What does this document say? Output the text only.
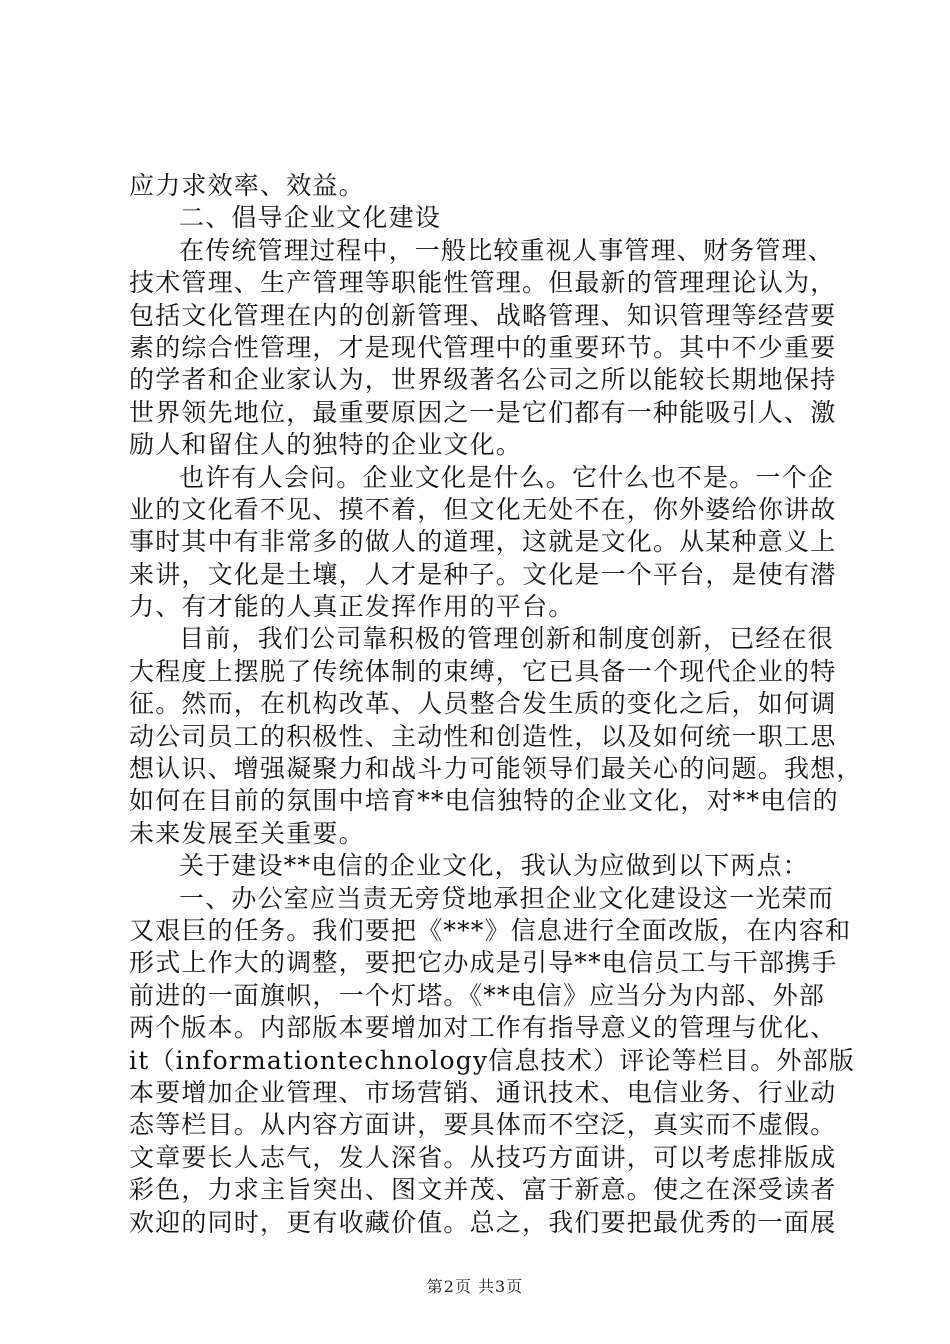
应力求效率、效益。
二、倡导企业文化建设
在传统管理过程中，一般比较重视人事管理、财务管理、
技术管理、生产管理等职能性管理。但最新的管理理论认为，
包括文化管理在内的创新管理、战略管理、知识管理等经营要
素的综合性管理，才是现代管理中的重要环节。其中不少重要
的学者和企业家认为，世界级著名公司之所以能较长期地保持
世界领先地位，最重要原因之一是它们都有一种能吸引人、激
励人和留住人的独特的企业文化。
也许有人会问。企业文化是什么。它什么也不是。一个企
业的文化看不见、摸不着，但文化无处不在，你外婆给你讲故
事时其中有非常多的做人的道理，这就是文化。从某种意义上
来讲，文化是土壤，人才是种子。文化是一个平台，是使有潜
力、有才能的人真正发挥作用的平台。
目前，我们公司靠积极的管理创新和制度创新，已经在很
大程度上摆脱了传统体制的束缚，它已具备一个现代企业的特
征。然而，在机构改革、人员整合发生质的变化之后，如何调
动公司员工的积极性、主动性和创造性，以及如何统一职工思
想认识、增强凝聚力和战斗力可能领导们最关心的问题。我想，
如何在目前的氛围中培育**电信独特的企业文化，对**电信的
未来发展至关重要。
关于建设**电信的企业文化，我认为应做到以下两点：
一、办公室应当责无旁贷地承担企业文化建设这一光荣而
又艰巨的任务。我们要把《***》信息进行全面改版，在内容和
形式上作大的调整，要把它办成是引导**电信员工与干部携手
前进的一面旗帜，一个灯塔。《**电信》应当分为内部、外部
两个版本。内部版本要增加对工作有指导意义的管理与优化、
it（informationtechnology信息技术）评论等栏目。外部版
本要增加企业管理、市场营销、通讯技术、电信业务、行业动
态等栏目。从内容方面讲，要具体而不空泛，真实而不虚假。
文章要长人志气，发人深省。从技巧方面讲，可以考虑排版成
彩色，力求主旨突出、图文并茂、富于新意。使之在深受读者
欢迎的同时，更有收藏价值。总之，我们要把最优秀的一面展
第2页 共3页
